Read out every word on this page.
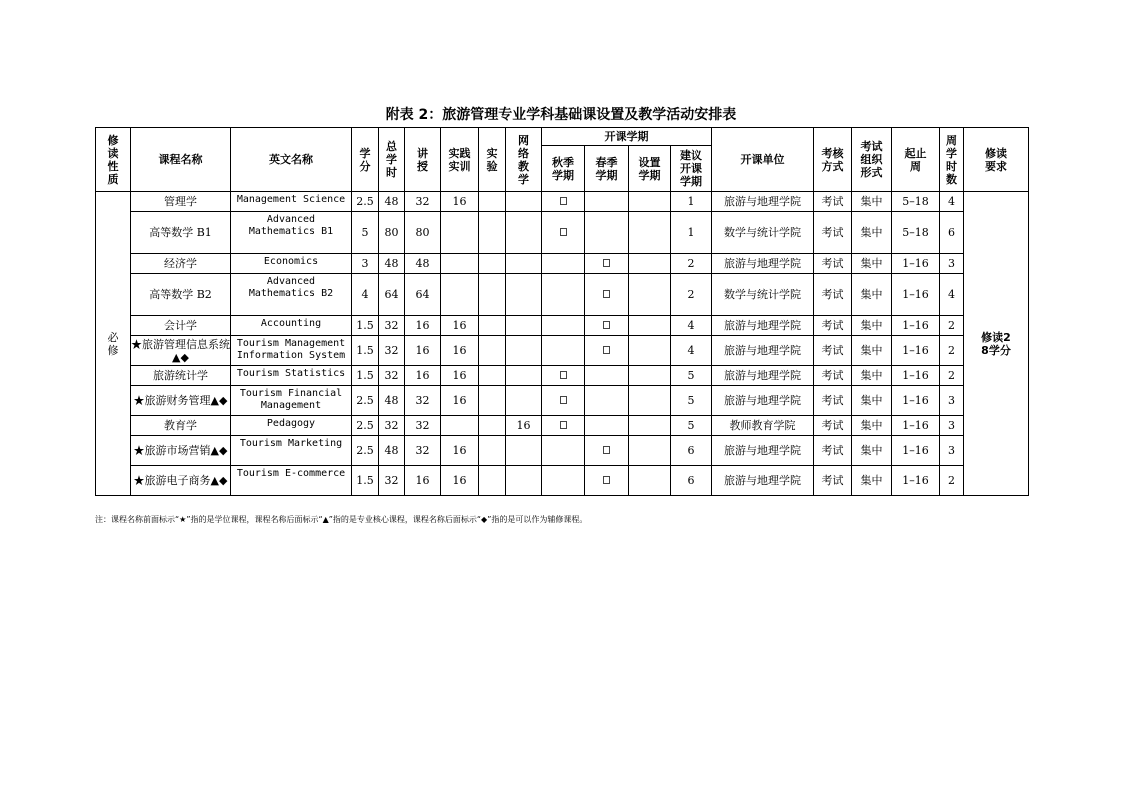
附表 2：旅游管理专业学科基础课设置及教学活动安排表
修读性质	课程名称	英文名称	学分	总学时	讲授	实践实训	实验	网络教学	开课学期				开课单位	考核方式	考试组织形式	起止周	周学时数	修读要求
									秋季学期	春季学期	设置学期	建议开课学期						
必修	管理学	Management Science	2.5	48	32	16						1	旅游与地理学院	考试	集中	5–18	4	修读28学分
	高等数学 B1	Advanced Mathematics B1	5	80	80							1	数学与统计学院	考试	集中	5–18	6	
	经济学	Economics	3	48	48							2	旅游与地理学院	考试	集中	1–16	3	
	高等数学 B2	Advanced Mathematics B2	4	64	64							2	数学与统计学院	考试	集中	1–16	4	
	会计学	Accounting	1.5	32	16	16						4	旅游与地理学院	考试	集中	1–16	2	
	★旅游管理信息系统▲◆	Tourism Management Information System	1.5	32	16	16						4	旅游与地理学院	考试	集中	1–16	2	
	旅游统计学	Tourism Statistics	1.5	32	16	16						5	旅游与地理学院	考试	集中	1–16	2	
	★旅游财务管理▲◆	Tourism Financial Management	2.5	48	32	16						5	旅游与地理学院	考试	集中	1–16	3	
	教育学	Pedagogy	2.5	32	32			16				5	教师教育学院	考试	集中	1–16	3	
	★旅游市场营销▲◆	Tourism Marketing	2.5	48	32	16						6	旅游与地理学院	考试	集中	1–16	3	
	★旅游电子商务▲◆	Tourism E-commerce	1.5	32	16	16						6	旅游与地理学院	考试	集中	1–16	2	
注：课程名称前面标示“★”指的是学位课程，课程名称后面标示“▲”指的是专业核心课程，课程名称后面标示“◆”指的是可以作为辅修课程。
